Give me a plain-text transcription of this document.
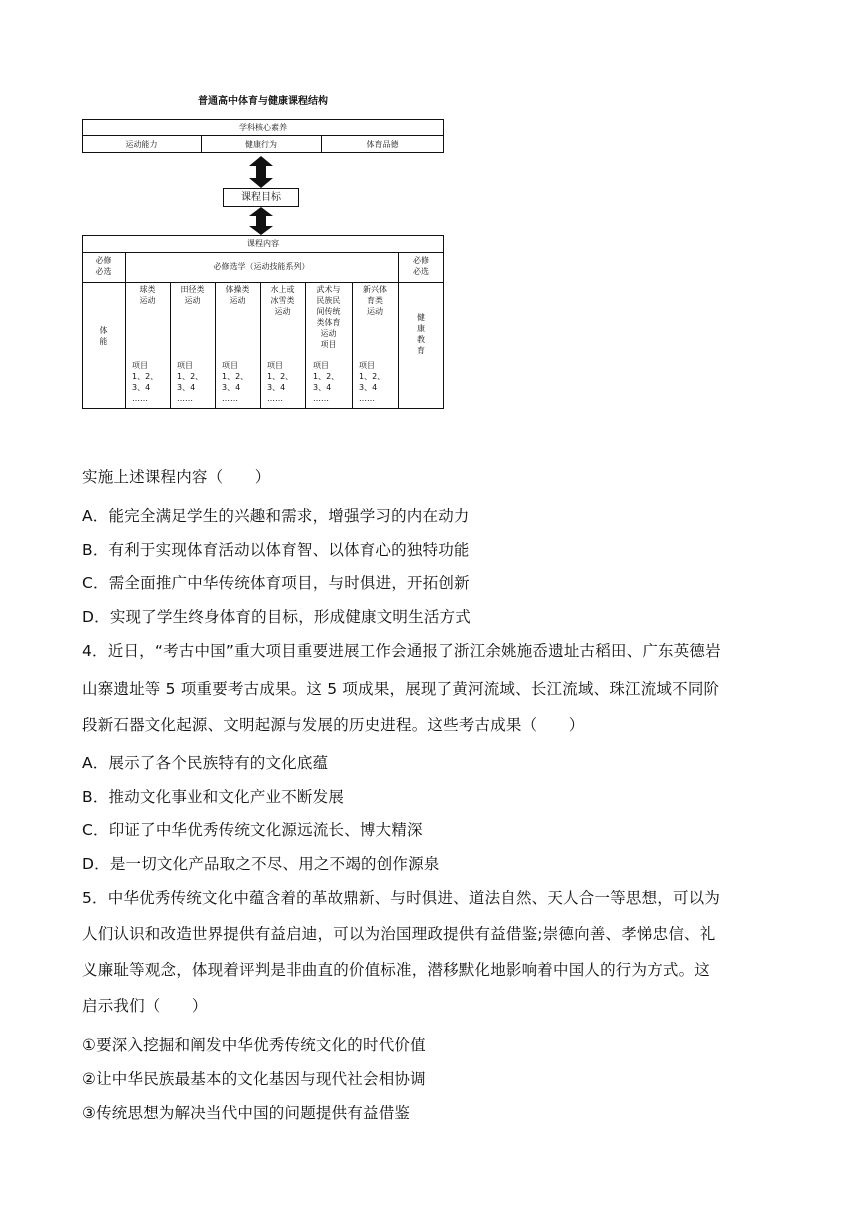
普通高中体育与健康课程结构
学科核心素养
运动能力	健康行为	体育品德
课程目标
课程内容
必修
必选
必修选学（运动技能系列）
必修
必选
体
能
健
康
教
育
球类
运动
田径类
运动
体操类
运动
水上或
冰雪类
运动
武术与
民族民
间传统
类体育
运动
项目
新兴体
育类
运动
项目
1、2、
3、4
……
项目
1、2、
3、4
……
项目
1、2、
3、4
……
项目
1、2、
3、4
……
项目
1、2、
3、4
……
项目
1、2、
3、4
……
实施上述课程内容（　　）
A．能完全满足学生的兴趣和需求，增强学习的内在动力
B．有利于实现体育活动以体育智、以体育心的独特功能
C．需全面推广中华传统体育项目，与时俱进，开拓创新
D．实现了学生终身体育的目标，形成健康文明生活方式
4．近日，“考古中国”重大项目重要进展工作会通报了浙江余姚施岙遗址古稻田、广东英德岩
山寨遗址等 5 项重要考古成果。这 5 项成果，展现了黄河流域、长江流域、珠江流域不同阶
段新石器文化起源、文明起源与发展的历史进程。这些考古成果（　　）
A．展示了各个民族特有的文化底蕴
B．推动文化事业和文化产业不断发展
C．印证了中华优秀传统文化源远流长、博大精深
D．是一切文化产品取之不尽、用之不竭的创作源泉
5．中华优秀传统文化中蕴含着的革故鼎新、与时俱进、道法自然、天人合一等思想，可以为
人们认识和改造世界提供有益启迪，可以为治国理政提供有益借鉴;崇德向善、孝悌忠信、礼
义廉耻等观念，体现着评判是非曲直的价值标准，潜移默化地影响着中国人的行为方式。这
启示我们（　　）
①要深入挖掘和阐发中华优秀传统文化的时代价值
②让中华民族最基本的文化基因与现代社会相协调
③传统思想为解决当代中国的问题提供有益借鉴
